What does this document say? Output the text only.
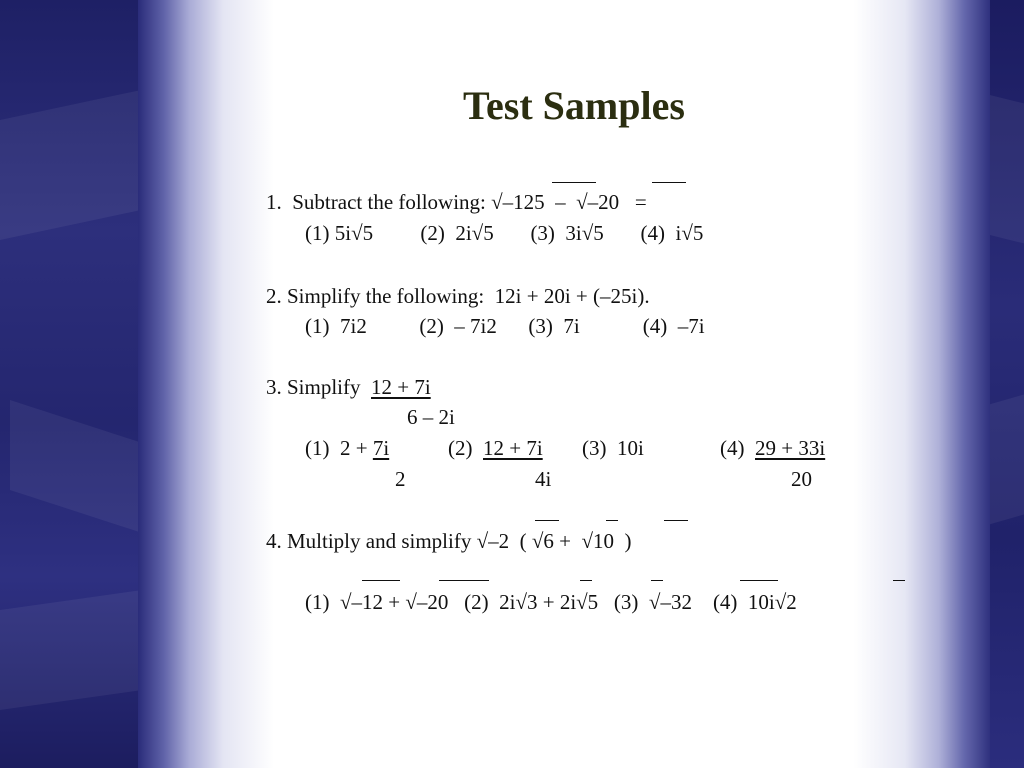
Test Samples
1.  Subtract the following: √–125  –  √–20   =
(1) 5i√5         (2)  2i√5       (3)  3i√5       (4)  i√5
2. Simplify the following:  12i + 20i + (–25i).
(1)  7i2          (2)  – 7i2      (3)  7i            (4)  –7i
3. Simplify  12 + 7i
6 – 2i
(1)  2 + 7i
2
(2)  12 + 7i
4i
(3)  10i	(4)  29 + 33i
20
4. Multiply and simplify √–2  ( √6 +  √10  )
(1)  √–12 + √–20   (2)  2i√3 + 2i√5   (3)  √–32    (4)  10i√2
